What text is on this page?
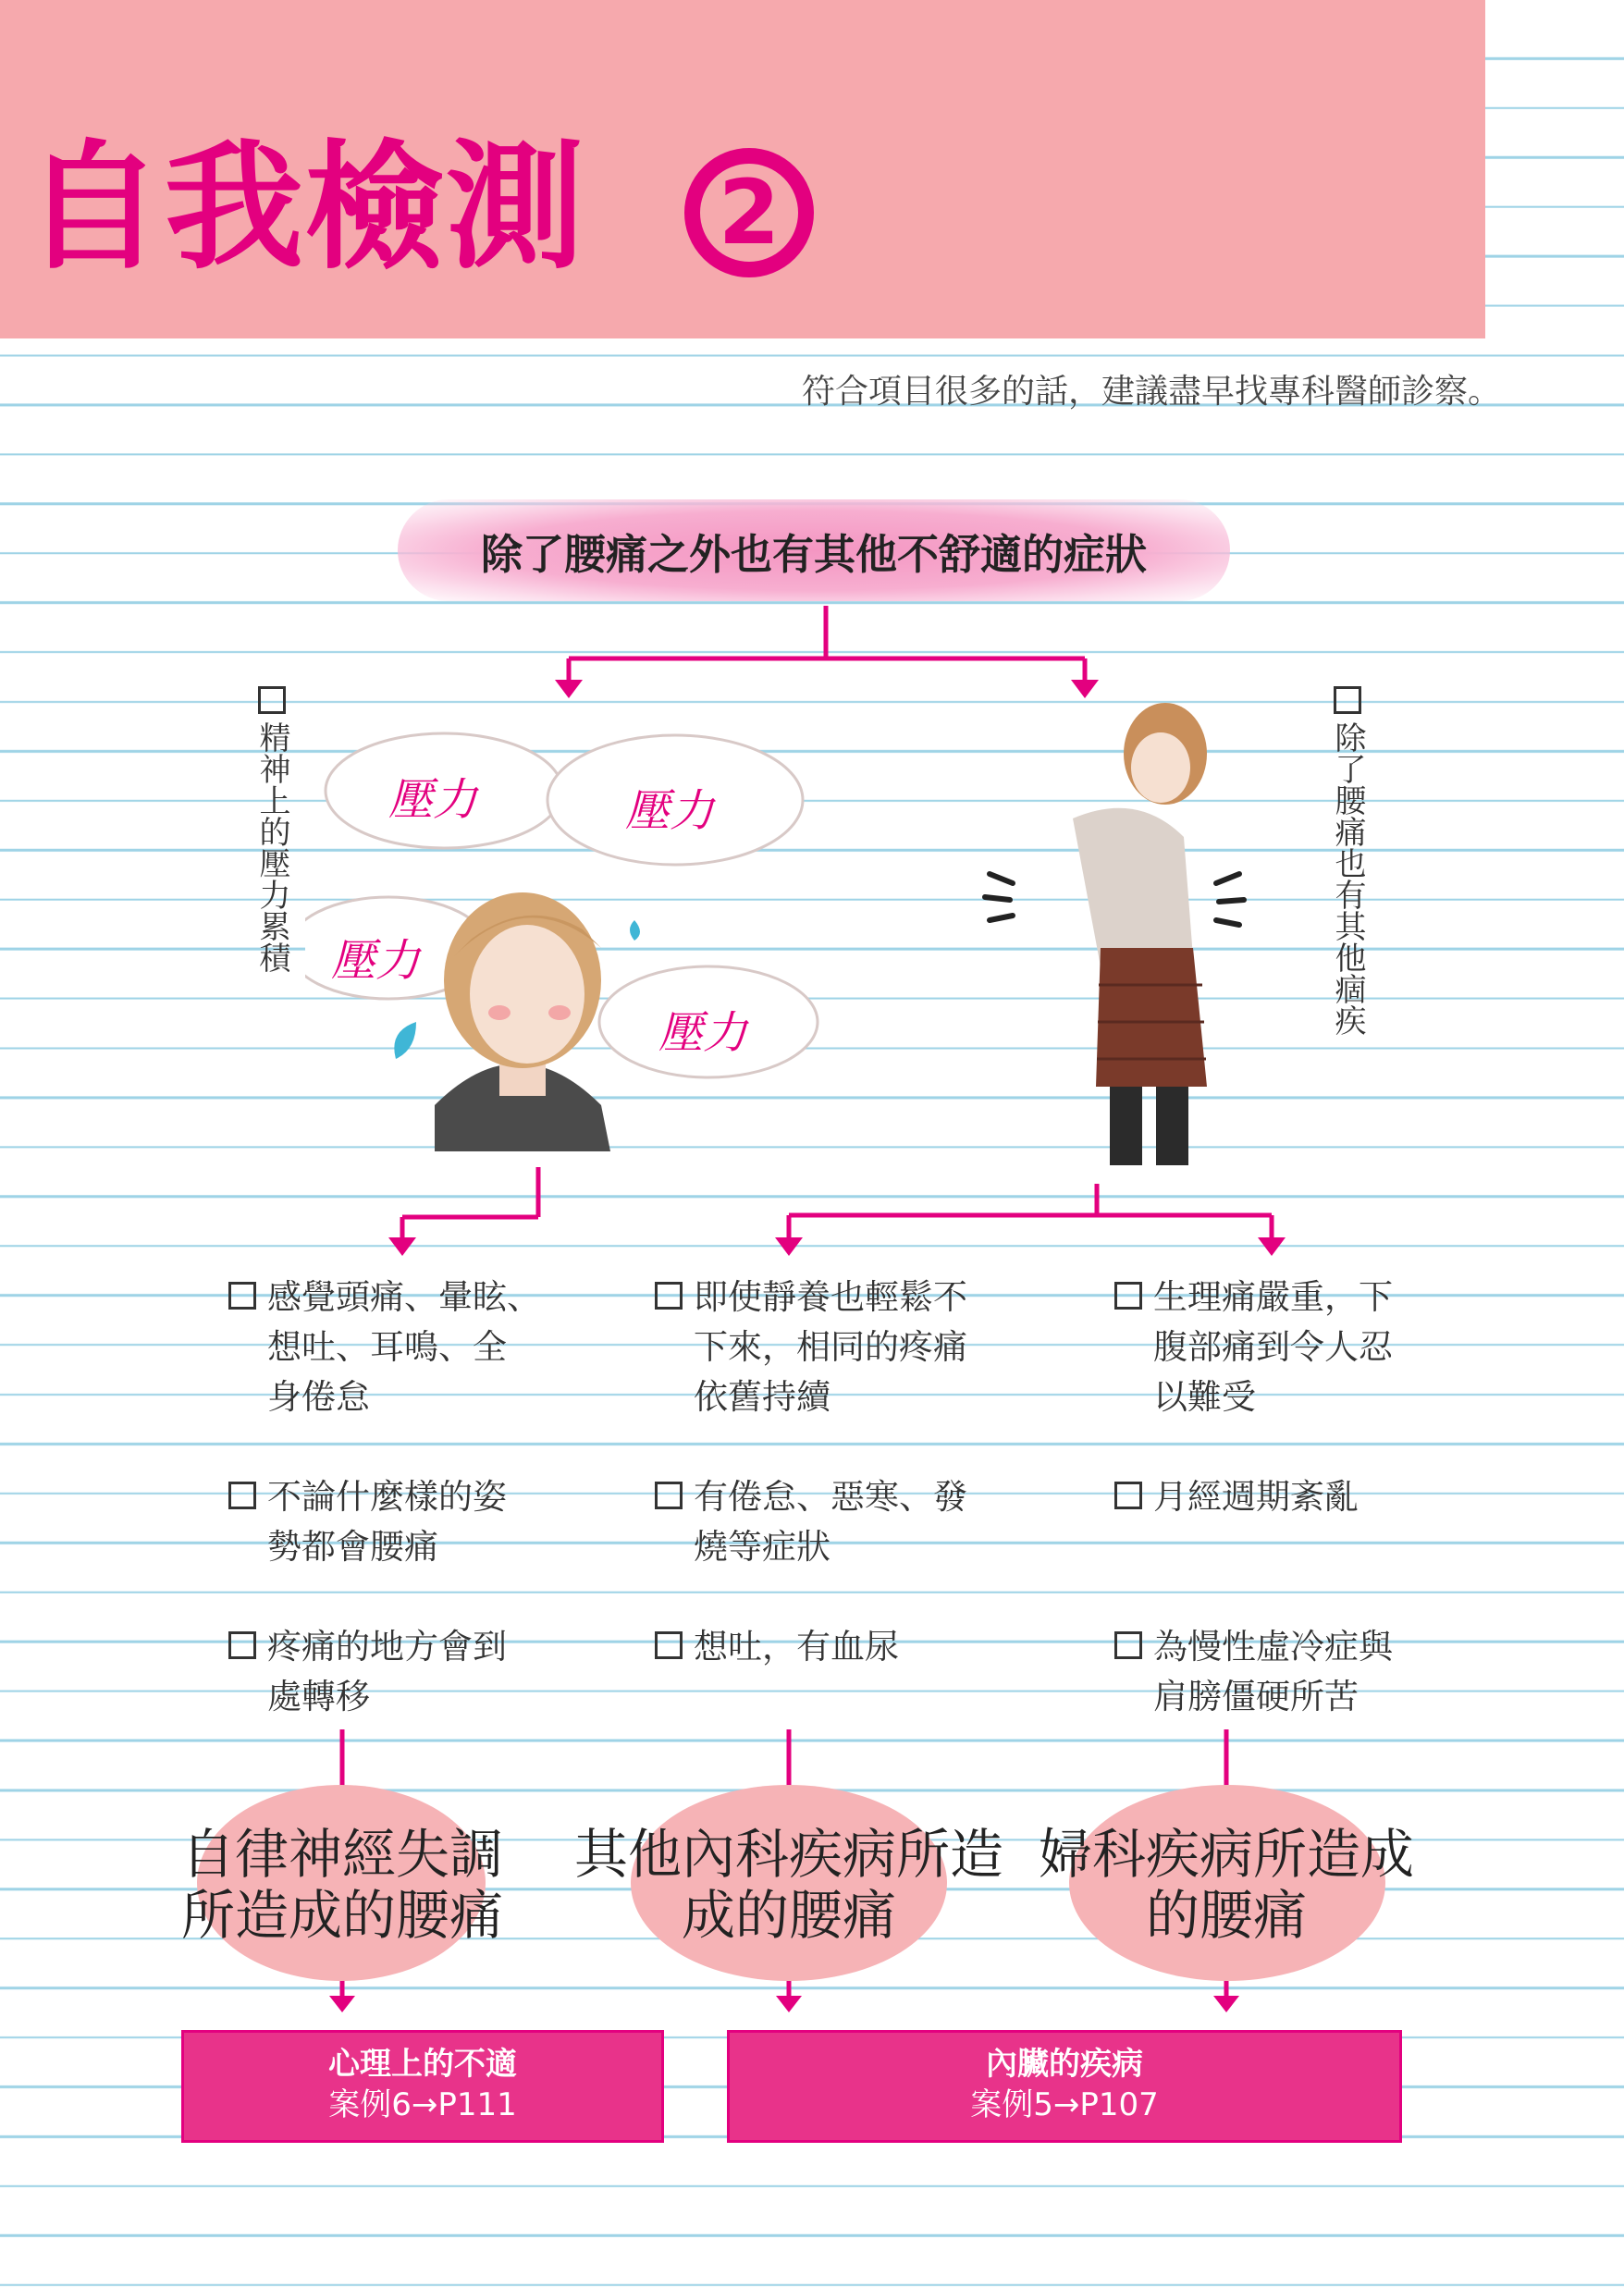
自我檢測	2
符合項目很多的話，建議盡早找專科醫師診察。
除了腰痛之外也有其他不舒適的症狀
精神上的壓力累積	除了腰痛也有其他痼疾
壓力	壓力
壓力
壓力
感覺頭痛、暈眩、
想吐、耳鳴、全
身倦怠
不論什麼樣的姿
勢都會腰痛
疼痛的地方會到
處轉移
即使靜養也輕鬆不
下來，相同的疼痛
依舊持續
有倦怠、惡寒、發
燒等症狀
想吐，有血尿
生理痛嚴重，下
腹部痛到令人忍
以難受
月經週期紊亂
為慢性虛冷症與
肩膀僵硬所苦
自律神經失調
所造成的腰痛
其他內科疾病所造
成的腰痛
婦科疾病所造成
的腰痛
心理上的不適
案例6→P111
內臟的疾病
案例5→P107
